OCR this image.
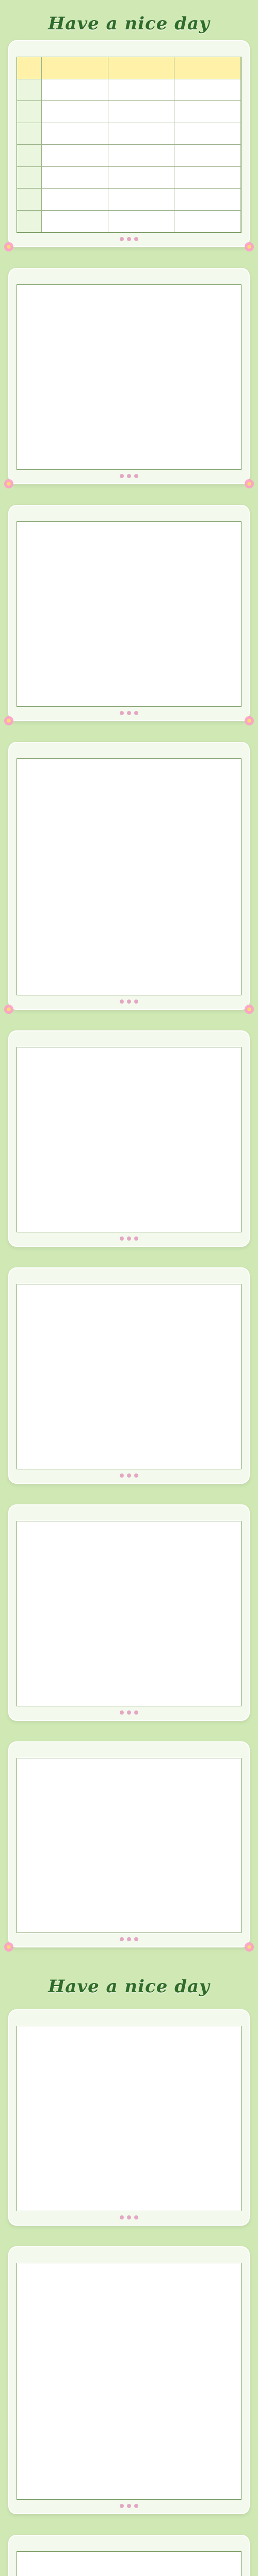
Have a nice day
Have a nice day
